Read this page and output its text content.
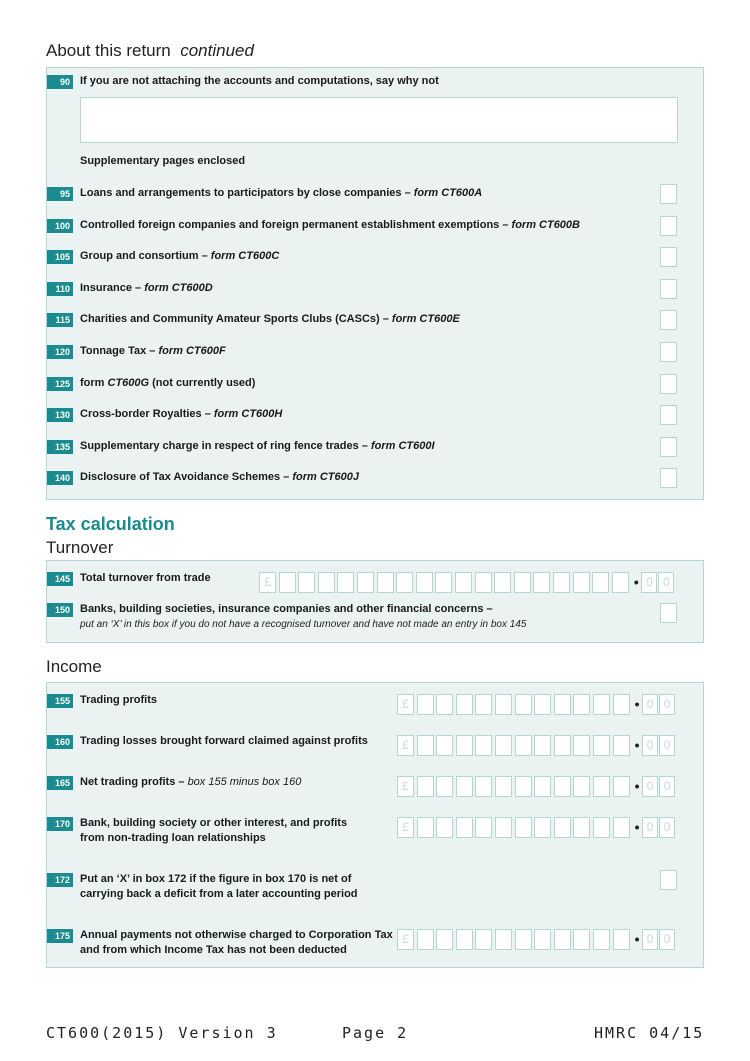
About this return continued
90 If you are not attaching the accounts and computations, say why not
Supplementary pages enclosed
95 Loans and arrangements to participators by close companies – form CT600A
100 Controlled foreign companies and foreign permanent establishment exemptions – form CT600B
105 Group and consortium – form CT600C
110 Insurance – form CT600D
115 Charities and Community Amateur Sports Clubs (CASCs) – form CT600E
120 Tonnage Tax – form CT600F
125 form CT600G (not currently used)
130 Cross-border Royalties – form CT600H
135 Supplementary charge in respect of ring fence trades – form CT600I
140 Disclosure of Tax Avoidance Schemes – form CT600J
Tax calculation
Turnover
145 Total turnover from trade	£	• 0 0
150 Banks, building societies, insurance companies and other financial concerns –
put an ‘X’ in this box if you do not have a recognised turnover and have not made an entry in box 145
Income
155 Trading profits	£	• 0 0
160 Trading losses brought forward claimed against profits	£	• 0 0
165 Net trading profits – box 155 minus box 160	£	• 0 0
170 Bank, building society or other interest, and profits
from non-trading loan relationships
£	• 0 0
172 Put an ‘X’ in box 172 if the figure in box 170 is net of
carrying back a deficit from a later accounting period
175 Annual payments not otherwise charged to Corporation Tax
and from which Income Tax has not been deducted
£	• 0 0
CT600(2015) Version 3	Page 2	HMRC 04/15
